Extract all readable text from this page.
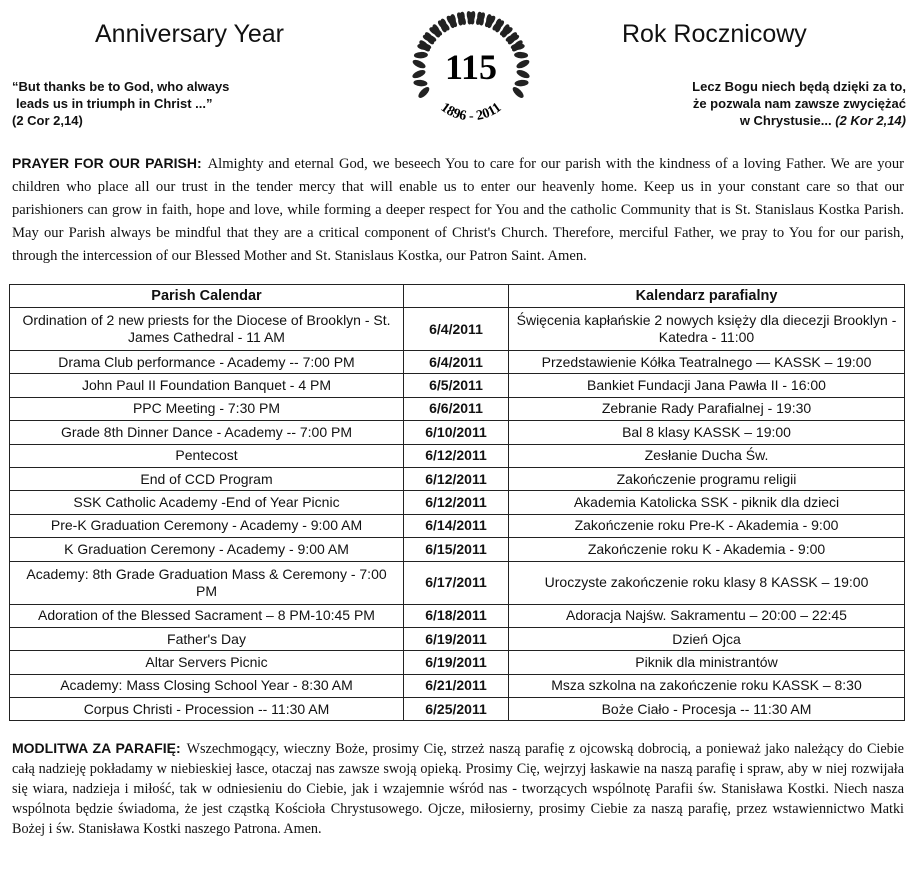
Anniversary Year	Rok Rocznicowy
“But thanks be to God, who always
leads us in triumph in Christ ...”
(2 Cor 2,14)
Lecz Bogu niech będą dzięki za to,
że pozwala nam zawsze zwyciężać
w Chrystusie... (2 Kor 2,14)
115
1896 - 2011
PRAYER FOR OUR PARISH: Almighty and eternal God, we beseech You to care for our parish with the kindness of a loving Father. We are your children who place all our trust in the tender mercy that will enable us to enter our heavenly home. Keep us in your constant care so that our parishioners can grow in faith, hope and love, while forming a deeper respect for You and the catholic Community that is St. Stanislaus Kostka Parish. May our Parish always be mindful that they are a critical component of Christ's Church. Therefore, merciful Father, we pray to You for our parish, through the intercession of our Blessed Mother and St. Stanislaus Kostka, our Patron Saint. Amen.
Parish Calendar		Kalendarz parafialny
Ordination of 2 new priests for the Diocese of Brooklyn - St. James Cathedral - 11 AM	6/4/2011	Święcenia kapłańskie 2 nowych księży dla diecezji Brooklyn - Katedra - 11:00
Drama Club performance - Academy -- 7:00 PM	6/4/2011	Przedstawienie Kółka Teatralnego — KASSK – 19:00
John Paul II Foundation Banquet - 4 PM	6/5/2011	Bankiet Fundacji Jana Pawła II - 16:00
PPC Meeting - 7:30 PM	6/6/2011	Zebranie Rady Parafialnej - 19:30
Grade 8th Dinner Dance - Academy -- 7:00 PM	6/10/2011	Bal 8 klasy KASSK – 19:00
Pentecost	6/12/2011	Zesłanie Ducha Św.
End of CCD Program	6/12/2011	Zakończenie programu religii
SSK Catholic Academy -End of Year Picnic	6/12/2011	Akademia Katolicka SSK - piknik dla dzieci
Pre-K Graduation Ceremony - Academy - 9:00 AM	6/14/2011	Zakończenie roku Pre-K - Akademia - 9:00
K Graduation Ceremony - Academy - 9:00 AM	6/15/2011	Zakończenie roku K - Akademia - 9:00
Academy: 8th Grade Graduation Mass & Ceremony - 7:00 PM	6/17/2011	Uroczyste zakończenie roku klasy 8 KASSK – 19:00
Adoration of the Blessed Sacrament – 8 PM-10:45 PM	6/18/2011	Adoracja Najśw. Sakramentu – 20:00 – 22:45
Father's Day	6/19/2011	Dzień Ojca
Altar Servers Picnic	6/19/2011	Piknik dla ministrantów
Academy: Mass Closing School Year - 8:30 AM	6/21/2011	Msza szkolna na zakończenie roku KASSK – 8:30
Corpus Christi - Procession -- 11:30 AM	6/25/2011	Boże Ciało - Procesja -- 11:30 AM
MODLITWA ZA PARAFIĘ: Wszechmogący, wieczny Boże, prosimy Cię, strzeż naszą parafię z ojcowską dobrocią, a ponieważ jako należący do Ciebie całą nadzieję pokładamy w niebieskiej łasce, otaczaj nas zawsze swoją opieką. Prosimy Cię, wejrzyj łaskawie na naszą parafię i spraw, aby w niej rozwijała się wiara, nadzieja i miłość, tak w odniesieniu do Ciebie, jak i wzajemnie wśród nas - tworzących wspólnotę Parafii św. Stanisława Kostki. Niech nasza wspólnota będzie świadoma, że jest cząstką Kościoła Chrystusowego. Ojcze, miłosierny, prosimy Ciebie za naszą parafię, przez wstawiennictwo Matki Bożej i św. Stanisława Kostki naszego Patrona. Amen.
